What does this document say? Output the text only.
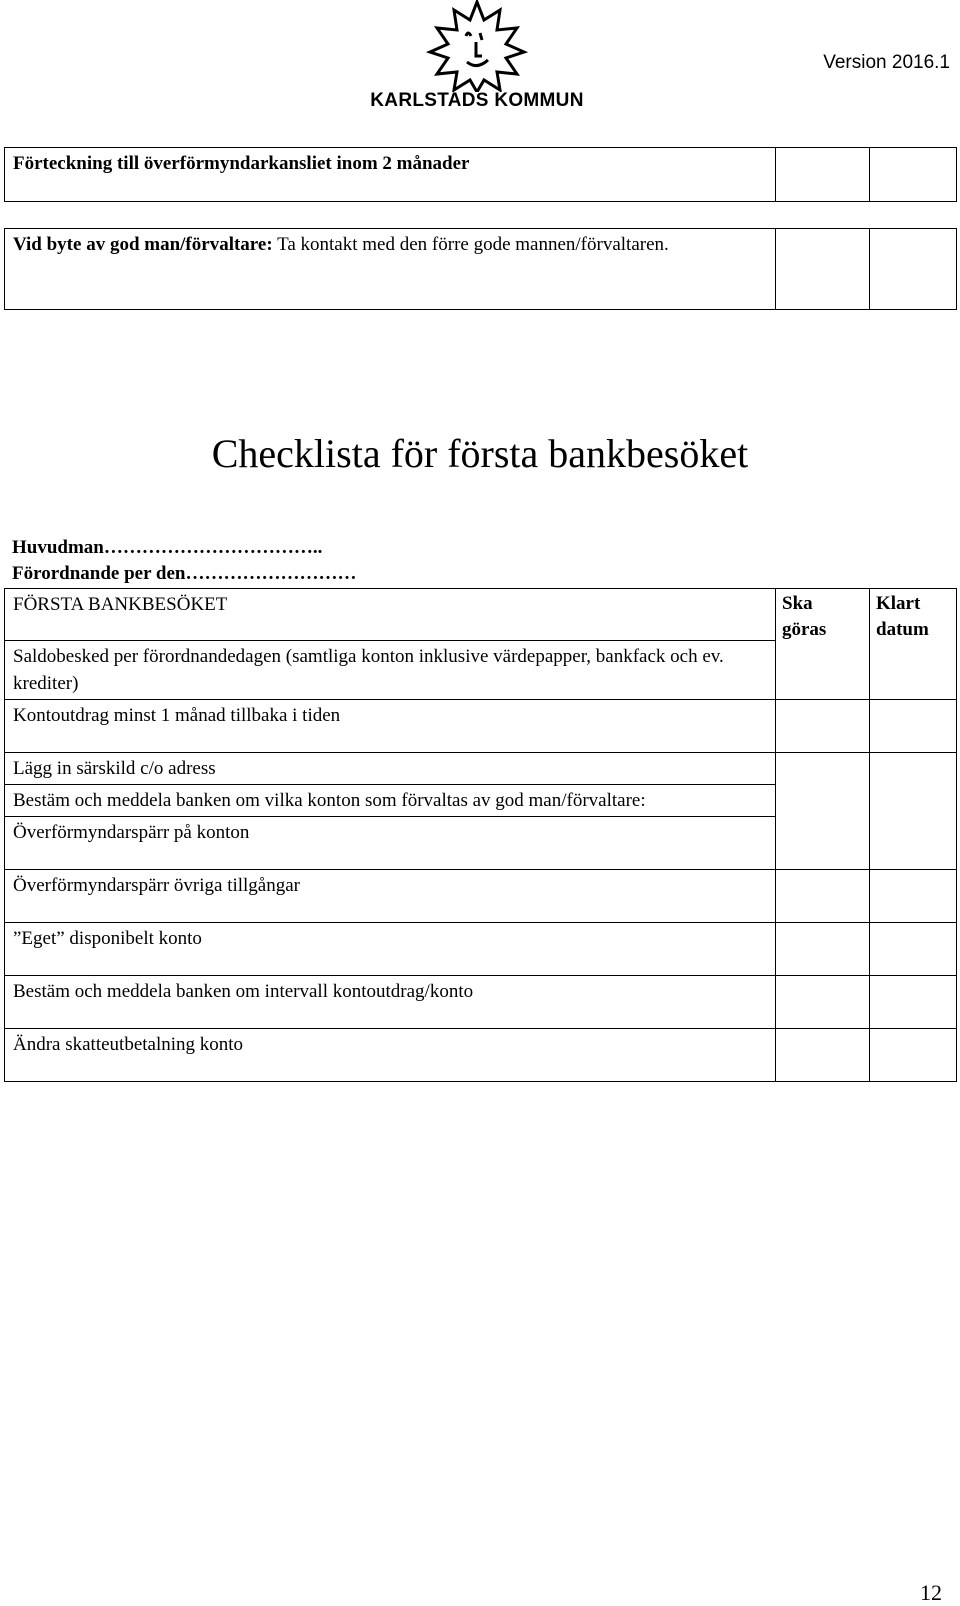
KARLSTADS KOMMUN
Version 2016.1
Förteckning till överförmyndarkansliet inom 2 månader		
Vid byte av god man/förvaltare: Ta kontakt med den förre gode mannen/förvaltaren.		
Checklista för första bankbesöket
Huvudman……………………………..
Förordnande per den………………………
FÖRSTA BANKBESÖKET	Ska göras	Klart datum
Saldobesked per förordnandedagen (samtliga konton inklusive värdepapper, bankfack och ev. krediter)		
Kontoutdrag minst 1 månad tillbaka i tiden		
Lägg in särskild c/o adress		
Bestäm och meddela banken om vilka konton som förvaltas av god man/förvaltare:		
Överförmyndarspärr på konton		
Överförmyndarspärr övriga tillgångar		
”Eget” disponibelt konto		
Bestäm och meddela banken om intervall kontoutdrag/konto		
Ändra skatteutbetalning konto		
12
